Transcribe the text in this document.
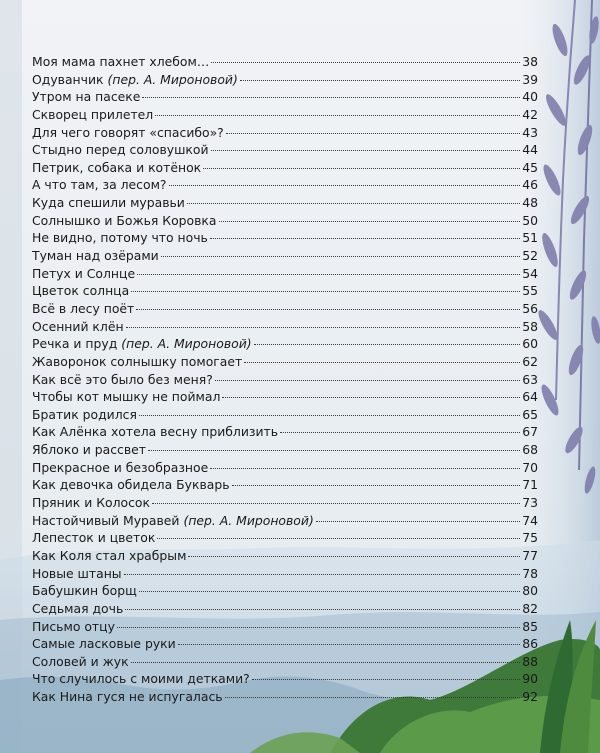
Моя мама пахнет хлебом…	38
Одуванчик (пер. А. Мироновой)	39
Утром на пасеке	40
Скворец прилетел	42
Для чего говорят «спасибо»?	43
Стыдно перед соловушкой	44
Петрик, собака и котёнок	45
А что там, за лесом?	46
Куда спешили муравьи	48
Солнышко и Божья Коровка	50
Не видно, потому что ночь	51
Туман над озёрами	52
Петух и Солнце	54
Цветок солнца	55
Всё в лесу поёт	56
Осенний клён	58
Речка и пруд (пер. А. Мироновой)	60
Жаворонок солнышку помогает	62
Как всё это было без меня?	63
Чтобы кот мышку не поймал	64
Братик родился	65
Как Алёнка хотела весну приблизить	67
Яблоко и рассвет	68
Прекрасное и безобразное	70
Как девочка обидела Букварь	71
Пряник и Колосок	73
Настойчивый Муравей (пер. А. Мироновой)	74
Лепесток и цветок	75
Как Коля стал храбрым	77
Новые штаны	78
Бабушкин борщ	80
Седьмая дочь	82
Письмо отцу	85
Самые ласковые руки	86
Соловей и жук	88
Что случилось с моими детками?	90
Как Нина гуся не испугалась	92
